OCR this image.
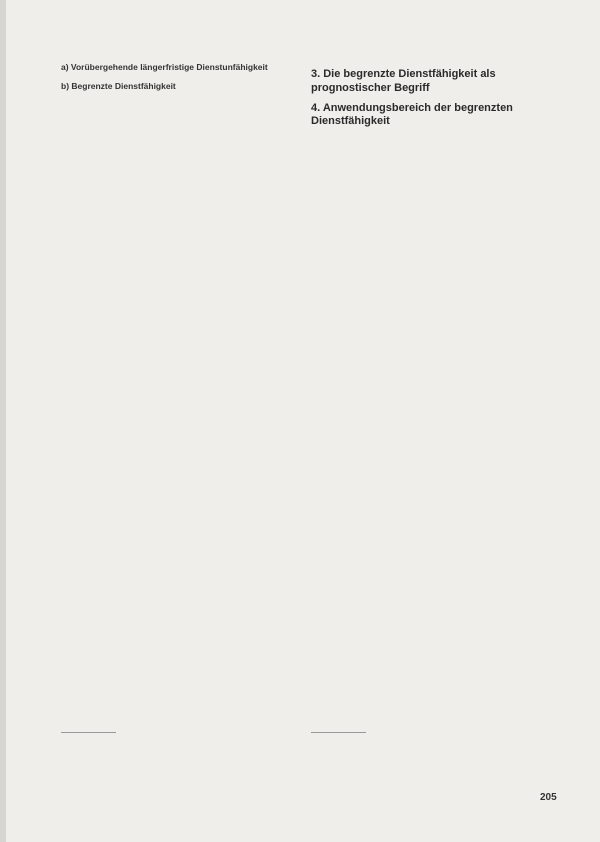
a) Vorübergehende längerfristige Dienstunfähigkeit

b) Begrenzte Dienstfähigkeit

3. Die begrenzte Dienstfähigkeit als prognostischer Begriff

4. Anwendungsbereich der begrenzten Dienstfähigkeit

205
